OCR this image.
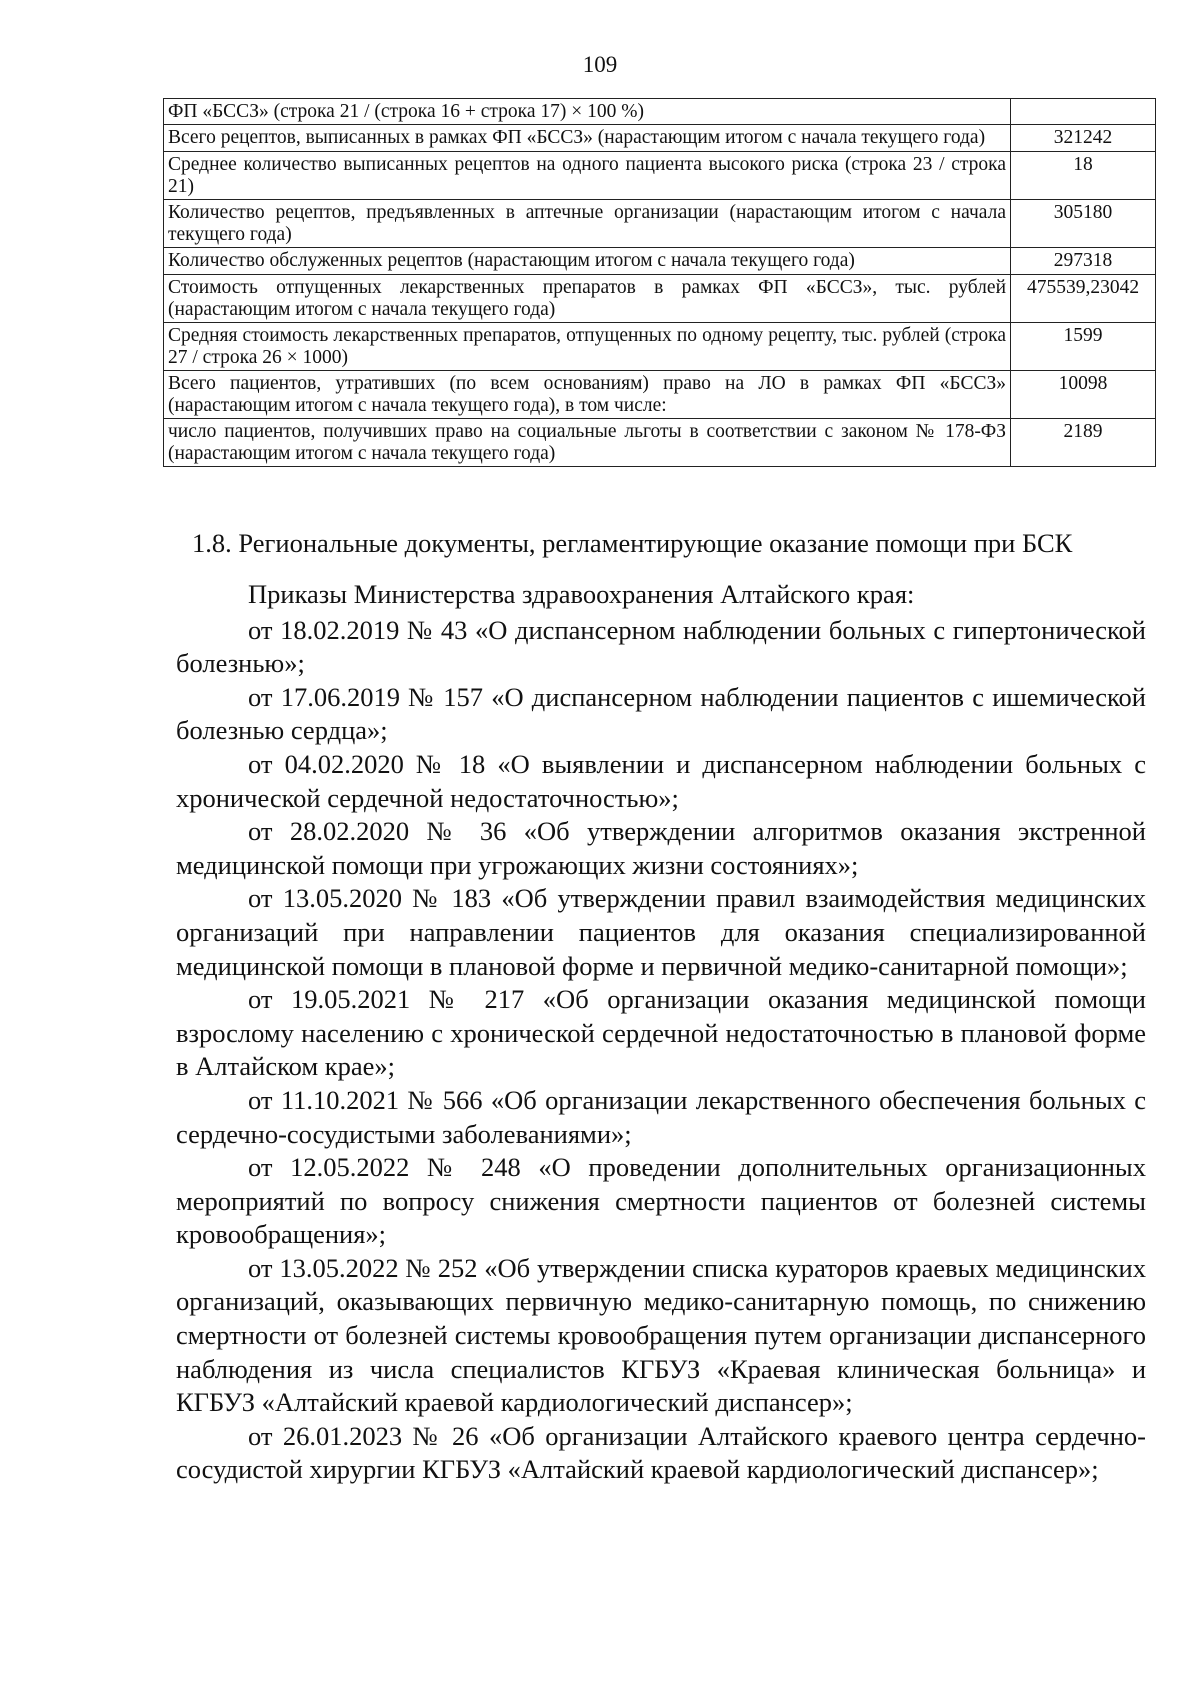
109
ФП «БССЗ» (строка 21 / (строка 16 + строка 17) × 100 %)	
Всего рецептов, выписанных в рамках ФП «БССЗ» (нарастающим итогом с начала текущего года)	321242
Среднее количество выписанных рецептов на одного пациента высокого риска (строка 23 / строка 21)	18
Количество рецептов, предъявленных в аптечные организации (нарастающим итогом с начала текущего года)	305180
Количество обслуженных рецептов (нарастающим итогом с начала текущего года)	297318
Стоимость отпущенных лекарственных препаратов в рамках ФП «БССЗ», тыс. рублей (нарастающим итогом с начала текущего года)	475539,23042
Средняя стоимость лекарственных препаратов, отпущенных по одному рецепту, тыс. рублей (строка 27 / строка 26 × 1000)	1599
Всего пациентов, утративших (по всем основаниям) право на ЛО в рамках ФП «БССЗ» (нарастающим итогом с начала текущего года), в том числе:	10098
число пациентов, получивших право на социальные льготы в соответствии с законом № 178-ФЗ (нарастающим итогом с начала текущего года)	2189
1.8. Региональные документы, регламентирующие оказание помощи при БСК

Приказы Министерства здравоохранения Алтайского края:

от 18.02.2019 № 43 «О диспансерном наблюдении больных с гипертонической болезнью»;

от 17.06.2019 № 157 «О диспансерном наблюдении пациентов с ишемической болезнью сердца»;

от 04.02.2020 № 18 «О выявлении и диспансерном наблюдении больных с хронической сердечной недостаточностью»;

от 28.02.2020 № 36 «Об утверждении алгоритмов оказания экстренной медицинской помощи при угрожающих жизни состояниях»;

от 13.05.2020 № 183 «Об утверждении правил взаимодействия медицинских организаций при направлении пациентов для оказания специализированной медицинской помощи в плановой форме и первичной медико-санитарной помощи»;

от 19.05.2021 № 217 «Об организации оказания медицинской помощи взрослому населению с хронической сердечной недостаточностью в плановой форме в Алтайском крае»;

от 11.10.2021 № 566 «Об организации лекарственного обеспечения больных с сердечно-сосудистыми заболеваниями»;

от 12.05.2022 № 248 «О проведении дополнительных организационных мероприятий по вопросу снижения смертности пациентов от болезней системы кровообращения»;

от 13.05.2022 № 252 «Об утверждении списка кураторов краевых медицинских организаций, оказывающих первичную медико-санитарную помощь, по снижению смертности от болезней системы кровообращения путем организации диспансерного наблюдения из числа специалистов КГБУЗ «Краевая клиническая больница» и КГБУЗ «Алтайский краевой кардиологический диспансер»;

от 26.01.2023 № 26 «Об организации Алтайского краевого центра сердечно-сосудистой хирургии КГБУЗ «Алтайский краевой кардиологический диспансер»;
